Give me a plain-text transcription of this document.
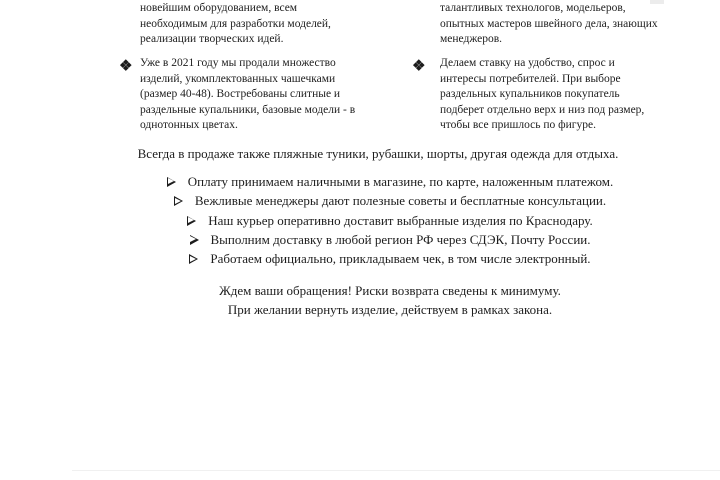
новейшим оборудованием, всем
необходимым для разработки моделей,
реализации творческих идей.
Уже в 2021 году мы продали множество
изделий, укомплектованных чашечками
(размер 40-48). Востребованы слитные и
раздельные купальники, базовые модели - в
однотонных цветах.
талантливых технологов, модельеров,
опытных мастеров швейного дела, знающих
менеджеров.
Делаем ставку на удобство, спрос и
интересы потребителей. При выборе
раздельных купальников покупатель
подберет отдельно верх и низ под размер,
чтобы все пришлось по фигуре.
Всегда в продаже также пляжные туники, рубашки, шорты, другая одежда для отдыха.
Оплату принимаем наличными в магазине, по карте, наложенным платежом.
Вежливые менеджеры дают полезные советы и бесплатные консультации.
Наш курьер оперативно доставит выбранные изделия по Краснодару.
Выполним доставку в любой регион РФ через СДЭК, Почту России.
Работаем официально, прикладываем чек, в том числе электронный.
Ждем ваши обращения! Риски возврата сведены к минимуму.
При желании вернуть изделие, действуем в рамках закона.
